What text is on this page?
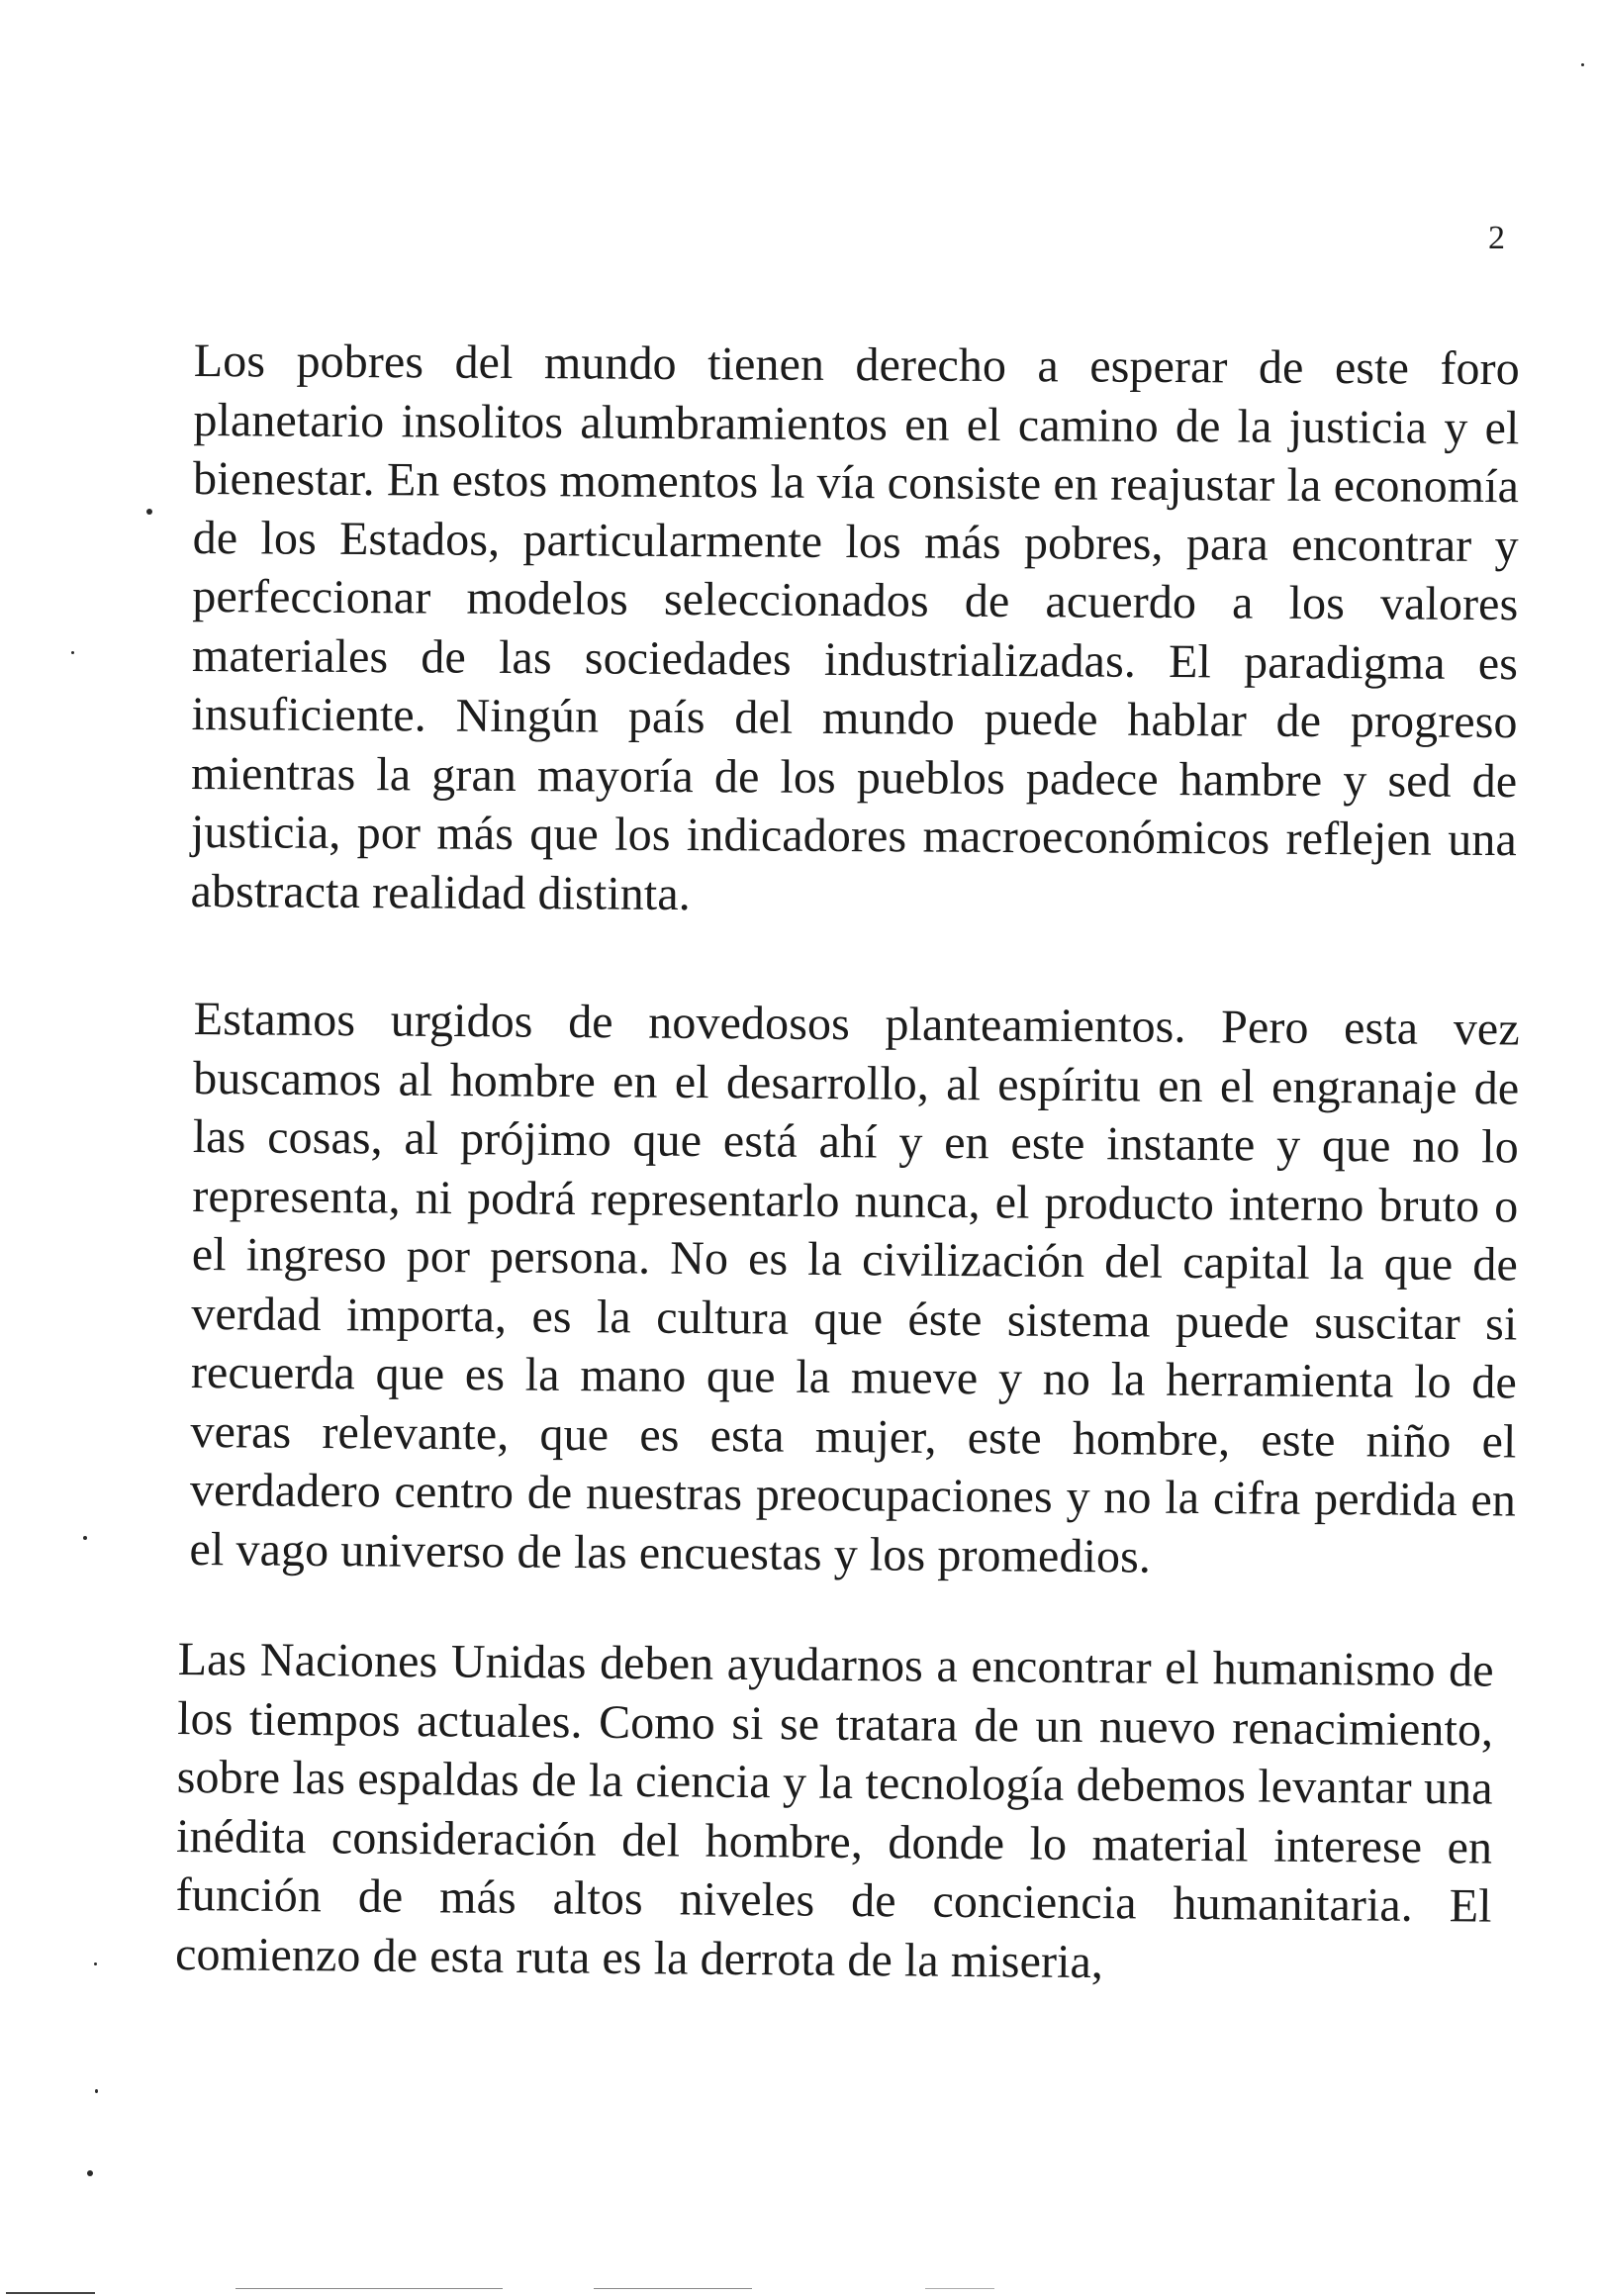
2

Los pobres del mundo tienen derecho a esperar de este foro planetario insolitos alumbramientos en el camino de la justicia y el bienestar. En estos momentos la vía consiste en reajustar la economía de los Estados, particularmente los más pobres, para encontrar y perfeccionar modelos seleccionados de acuerdo a los valores materiales de las sociedades industrializadas. El paradigma es insuficiente. Ningún país del mundo puede hablar de progreso mientras la gran mayoría de los pueblos padece hambre y sed de justicia, por más que los indicadores macroeconómicos reflejen una abstracta realidad distinta.

Estamos urgidos de novedosos planteamientos. Pero esta vez buscamos al hombre en el desarrollo, al espíritu en el engranaje de las cosas, al prójimo que está ahí y en este instante y que no lo representa, ni podrá representarlo nunca, el producto interno bruto o el ingreso por persona. No es la civilización del capital la que de verdad importa, es la cultura que éste sistema puede suscitar si recuerda que es la mano que la mueve y no la herramienta lo de veras relevante, que es esta mujer, este hombre, este niño el verdadero centro de nuestras preocupaciones y no la cifra perdida en el vago universo de las encuestas y los promedios.

Las Naciones Unidas deben ayudarnos a encontrar el humanismo de los tiempos actuales. Como si se tratara de un nuevo renacimiento, sobre las espaldas de la ciencia y la tecnología debemos levantar una inédita consideración del hombre, donde lo material interese en función de más altos niveles de conciencia humanitaria. El comienzo de esta ruta es la derrota de la miseria,
